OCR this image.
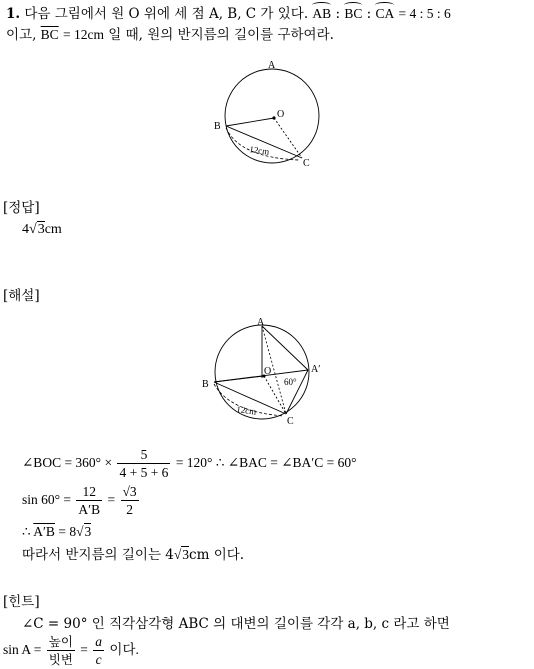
1. 다음 그림에서 원 O 위에 세 점 A, B, C 가 있다. AB : BC : CA = 4 : 5 : 6
이고, $\overline{BC} = 12cm$ 일 때, 원의 반지름의 길이를 구하여라.
A
O
B
C
12cm
[정답]
4√3cm
[해설]
A
O	A′
B
C
60°
12cm
∠BOC = $360^\circ \times \frac{5}{4 + 5 + 6} = 120^\circ$ ∴ ∠BAC = ∠BA′C = 60°
$\sin 60^\circ = \frac{12}{A'B} = \frac{√3}{2}$
∴ A′B = 8√3
따라서 반지름의 길이는 4√3cm 이다.
[힌트]
∠C = 90° 인 직각삼각형 ABC 의 대변의 길이를 각각 a, b, c 라고 하면
$\sin A = \frac{\text{높이}}{\text{빗변}} = \frac{a}{c}$ 이다.
